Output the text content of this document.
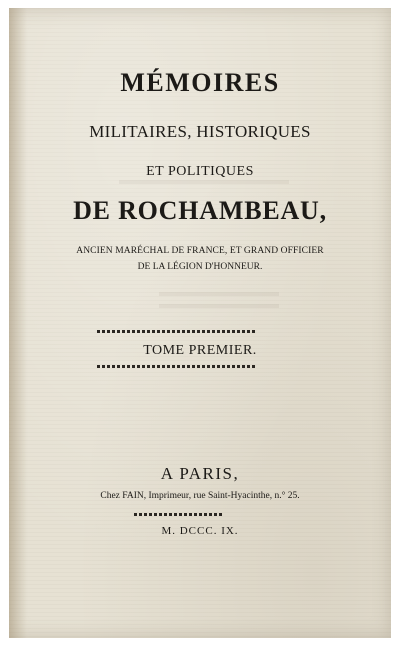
MÉMOIRES
MILITAIRES, HISTORIQUES
ET POLITIQUES
DE ROCHAMBEAU,
ANCIEN MARÉCHAL DE FRANCE, ET GRAND OFFICIER
DE LA LÉGION D'HONNEUR.
TOME PREMIER.
A PARIS,
Chez FAIN, Imprimeur, rue Saint-Hyacinthe, n.° 25.
M. DCCC. IX.
